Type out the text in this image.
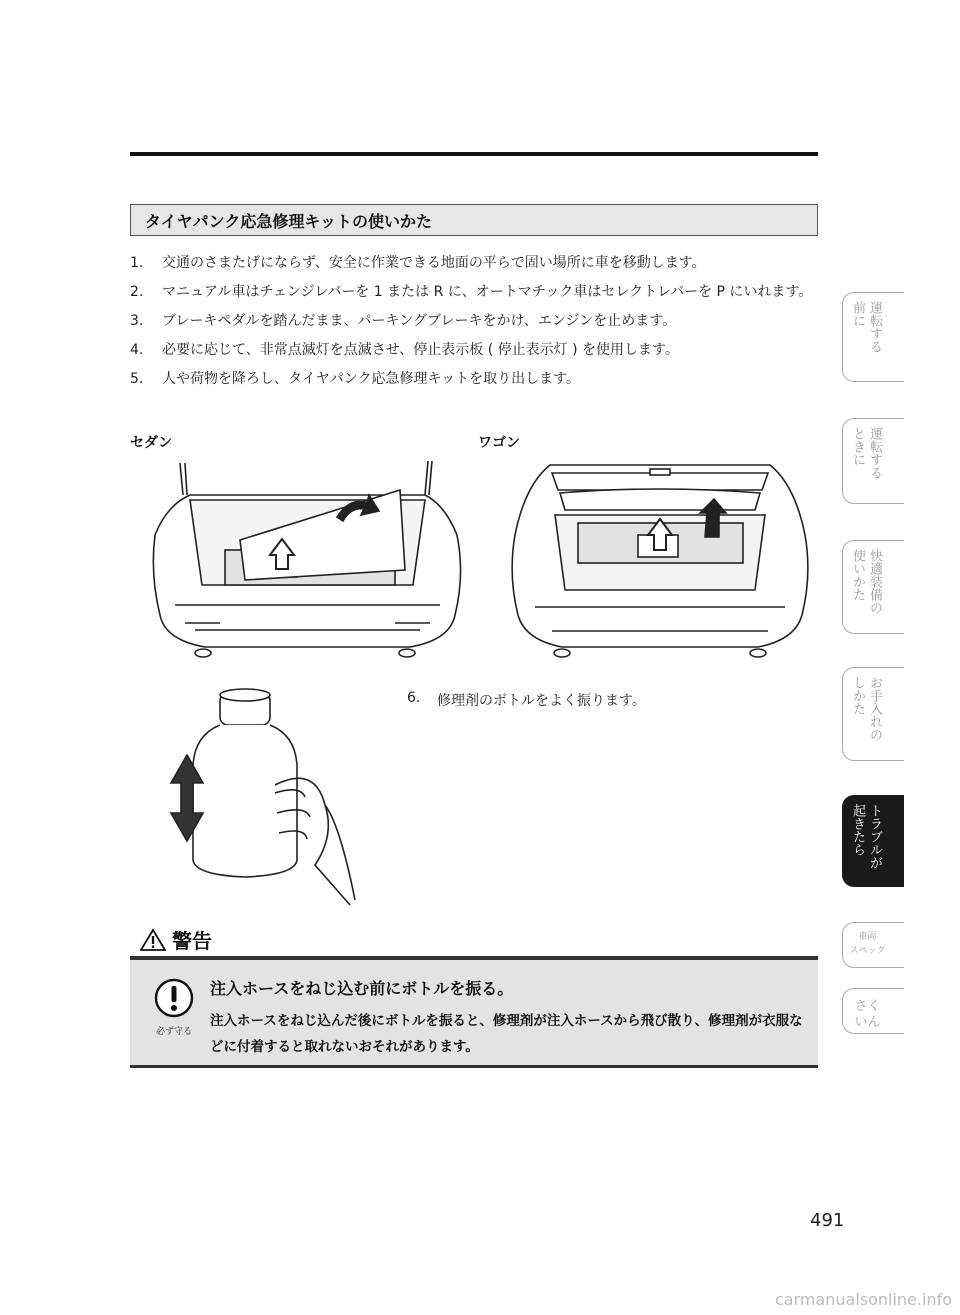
タイヤパンク応急修理キットの使いかた
1.	交通のさまたげにならず、安全に作業できる地面の平らで固い場所に車を移動します。
2.	マニュアル車はチェンジレバーを 1 または R に、オートマチック車はセレクトレバーを P にいれます。
3.	ブレーキペダルを踏んだまま、パーキングブレーキをかけ、エンジンを止めます。
4.	必要に応じて、非常点滅灯を点滅させ、停止表示板 ( 停止表示灯 ) を使用します。
5.	人や荷物を降ろし、タイヤパンク応急修理キットを取り出します。
セダン	ワゴン
6.	修理剤のボトルをよく振ります。
警告
必ず守る
注入ホースをねじ込む前にボトルを振る。
注入ホースをねじ込んだ後にボトルを振ると、修理剤が注入ホースから飛び散り、修理剤が衣服などに付着すると取れないおそれがあります。
運転する
前に
運転する
ときに
快適装備の
使いかた
お手入れの
しかた
トラブルが
起きたら
車両
スペック
さく
いん
491
carmanualsonline.info
